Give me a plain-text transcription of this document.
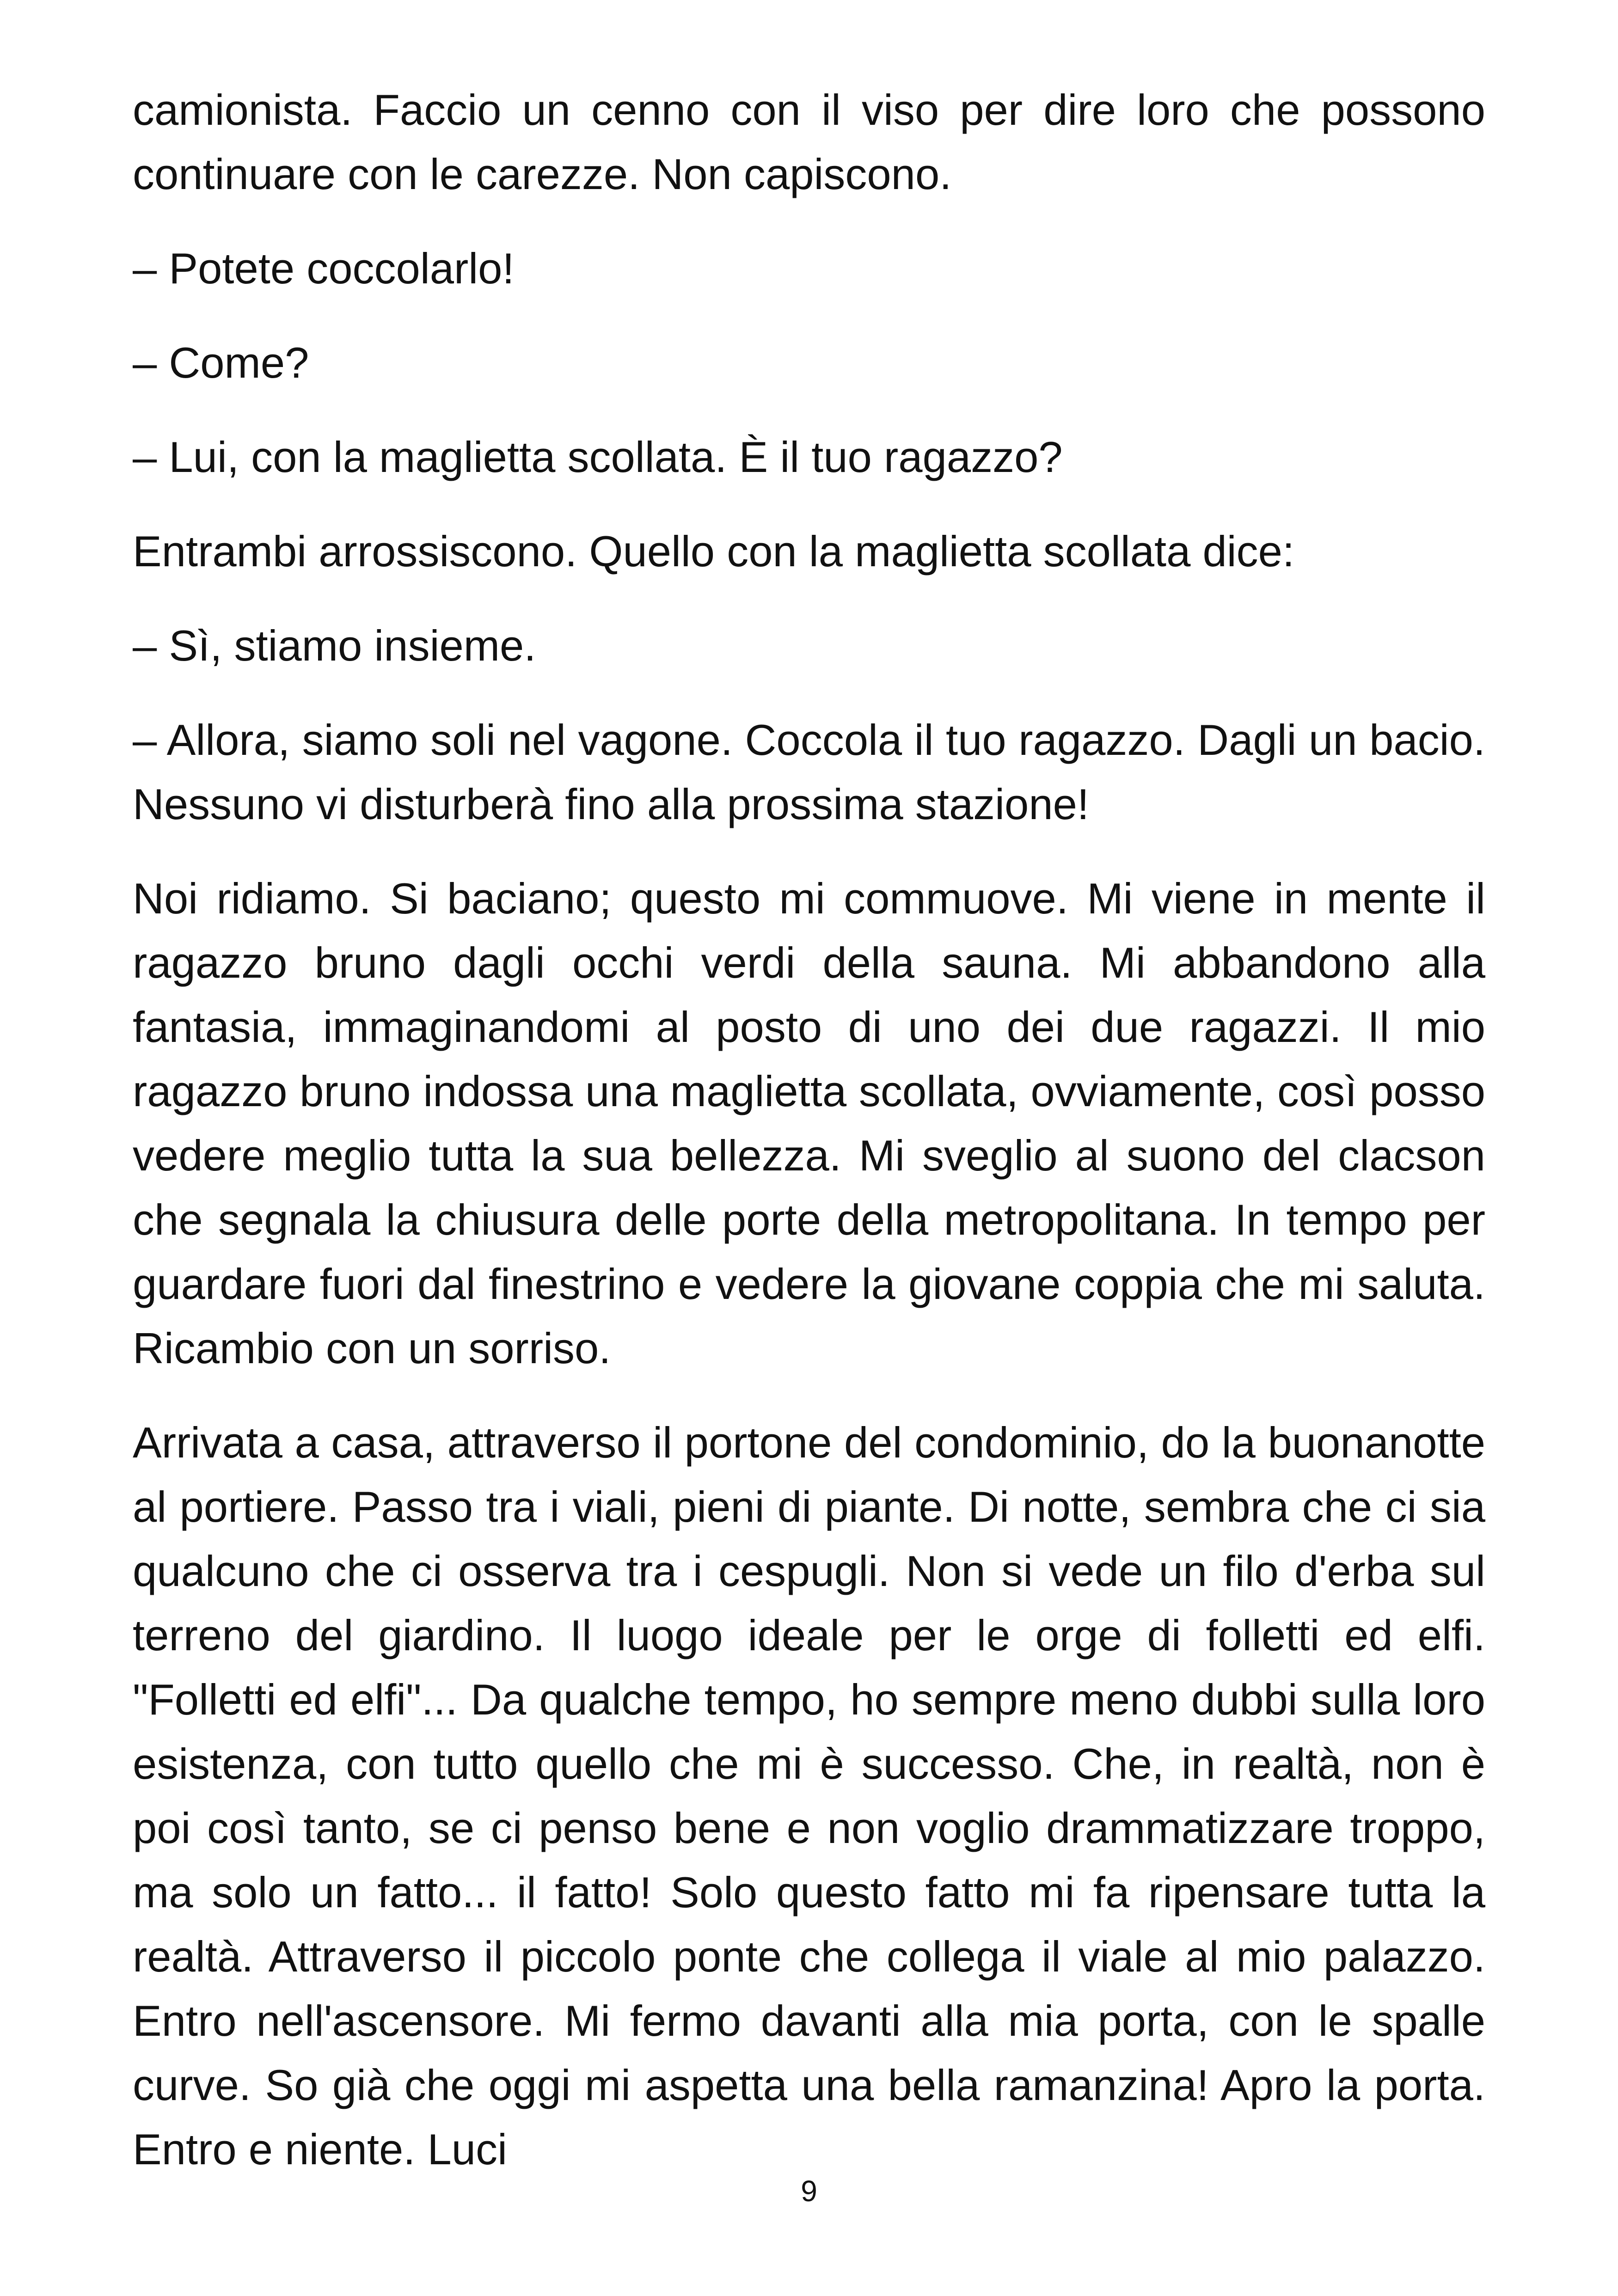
camionista. Faccio un cenno con il viso per dire loro che possono continuare con le carezze. Non capiscono.

– Potete coccolarlo!

– Come?

– Lui, con la maglietta scollata. È il tuo ragazzo?

Entrambi arrossiscono. Quello con la maglietta scollata dice:

– Sì, stiamo insieme.

– Allora, siamo soli nel vagone. Coccola il tuo ragazzo. Dagli un bacio. Nessuno vi disturberà fino alla prossima stazione!

Noi ridiamo. Si baciano; questo mi commuove. Mi viene in mente il ragazzo bruno dagli occhi verdi della sauna. Mi abbandono alla fantasia, immaginandomi al posto di uno dei due ragazzi. Il mio ragazzo bruno indossa una maglietta scollata, ovviamente, così posso vedere meglio tutta la sua bellezza. Mi sveglio al suono del clacson che segnala la chiusura delle porte della metropolitana. In tempo per guardare fuori dal finestrino e vedere la giovane coppia che mi saluta. Ricambio con un sorriso.

Arrivata a casa, attraverso il portone del condominio, do la buonanotte al portiere. Passo tra i viali, pieni di piante. Di notte, sembra che ci sia qualcuno che ci osserva tra i cespugli. Non si vede un filo d'erba sul terreno del giardino. Il luogo ideale per le orge di folletti ed elfi. "Folletti ed elfi"... Da qualche tempo, ho sempre meno dubbi sulla loro esistenza, con tutto quello che mi è successo. Che, in realtà, non è poi così tanto, se ci penso bene e non voglio drammatizzare troppo, ma solo un fatto... il fatto! Solo questo fatto mi fa ripensare tutta la realtà. Attraverso il piccolo ponte che collega il viale al mio palazzo. Entro nell'ascensore. Mi fermo davanti alla mia porta, con le spalle curve. So già che oggi mi aspetta una bella ramanzina! Apro la porta. Entro e niente. Luci

9
